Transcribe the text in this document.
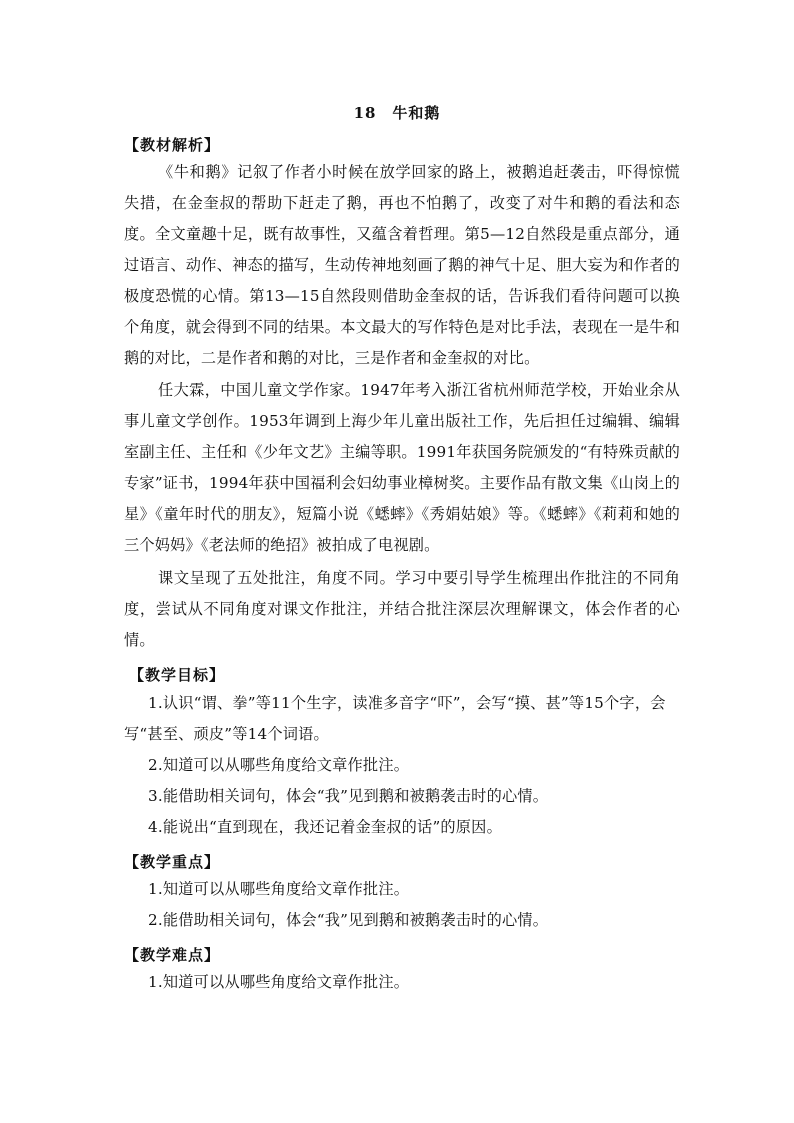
18　牛和鹅
【教材解析】
《牛和鹅》记叙了作者小时候在放学回家的路上，被鹅追赶袭击，吓得惊慌失措，在金奎叔的帮助下赶走了鹅，再也不怕鹅了，改变了对牛和鹅的看法和态度。全文童趣十足，既有故事性，又蕴含着哲理。第5—12自然段是重点部分，通过语言、动作、神态的描写，生动传神地刻画了鹅的神气十足、胆大妄为和作者的极度恐慌的心情。第13—15自然段则借助金奎叔的话，告诉我们看待问题可以换个角度，就会得到不同的结果。本文最大的写作特色是对比手法，表现在一是牛和鹅的对比，二是作者和鹅的对比，三是作者和金奎叔的对比。
任大霖，中国儿童文学作家。1947年考入浙江省杭州师范学校，开始业余从事儿童文学创作。1953年调到上海少年儿童出版社工作，先后担任过编辑、编辑室副主任、主任和《少年文艺》主编等职。1991年获国务院颁发的“有特殊贡献的专家”证书，1994年获中国福利会妇幼事业樟树奖。主要作品有散文集《山岗上的星》《童年时代的朋友》，短篇小说《蟋蟀》《秀娟姑娘》等。《蟋蟀》《莉莉和她的三个妈妈》《老法师的绝招》被拍成了电视剧。
课文呈现了五处批注，角度不同。学习中要引导学生梳理出作批注的不同角度，尝试从不同角度对课文作批注，并结合批注深层次理解课文，体会作者的心情。
【教学目标】
1.认识“谓、拳”等11个生字，读准多音字“吓”，会写“摸、甚”等15个字，会写“甚至、顽皮”等14个词语。
2.知道可以从哪些角度给文章作批注。
3.能借助相关词句，体会“我”见到鹅和被鹅袭击时的心情。
4.能说出“直到现在，我还记着金奎叔的话”的原因。
【教学重点】
1.知道可以从哪些角度给文章作批注。
2.能借助相关词句，体会“我”见到鹅和被鹅袭击时的心情。
【教学难点】
1.知道可以从哪些角度给文章作批注。
